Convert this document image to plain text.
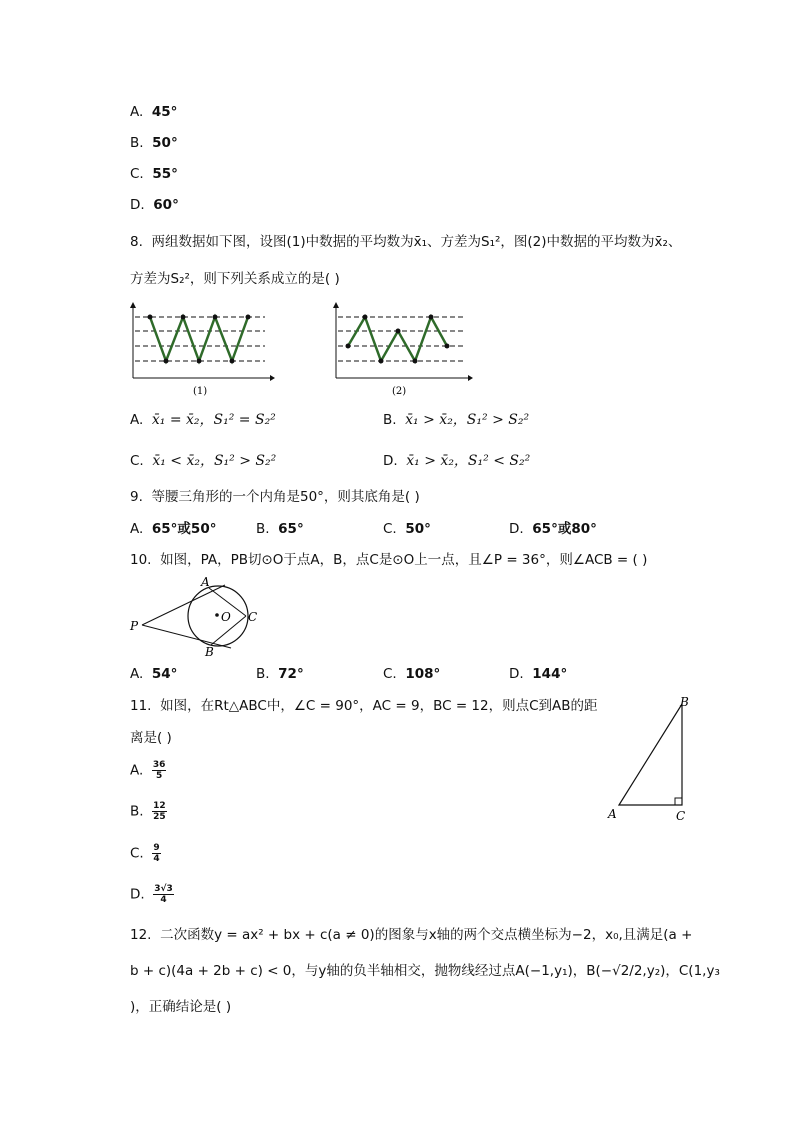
A. 45°
B. 50°
C. 55°
D. 60°
8. 两组数据如下图，设图(1)中数据的平均数为x̄₁、方差为S₁²，图(2)中数据的平均数为x̄₂、
方差为S₂²，则下列关系成立的是( )
(1)	(2)
A. x̄₁ = x̄₂，S₁² = S₂²	B. x̄₁ > x̄₂，S₁² > S₂²
C. x̄₁ < x̄₂，S₁² > S₂²	D. x̄₁ > x̄₂，S₁² < S₂²
9. 等腰三角形的一个内角是50°，则其底角是( )
A. 65°或50°	B. 65°	C. 50°	D. 65°或80°
10. 如图，PA，PB切⊙O于点A，B，点C是⊙O上一点，且∠P = 36°，则∠ACB = ( )
A
O C
B
P
A. 54°	B. 72°	C. 108°	D. 144°
11. 如图，在Rt△ABC中，∠C = 90°，AC = 9，BC = 12，则点C到AB的距
离是( )
B
A	C
A. $\frac{36}{5}$
B. $\frac{12}{25}$
C. $\frac{9}{4}$
D. $\frac{3√3}{4}$
12. 二次函数y = ax² + bx + c(a ≠ 0)的图象与x轴的两个交点横坐标为−2，x₀,且满足(a +
b + c)(4a + 2b + c) < 0，与y轴的负半轴相交，抛物线经过点A(−1,y₁)，B(−√2/2,y₂)，C(1,y₃
)，正确结论是( )
